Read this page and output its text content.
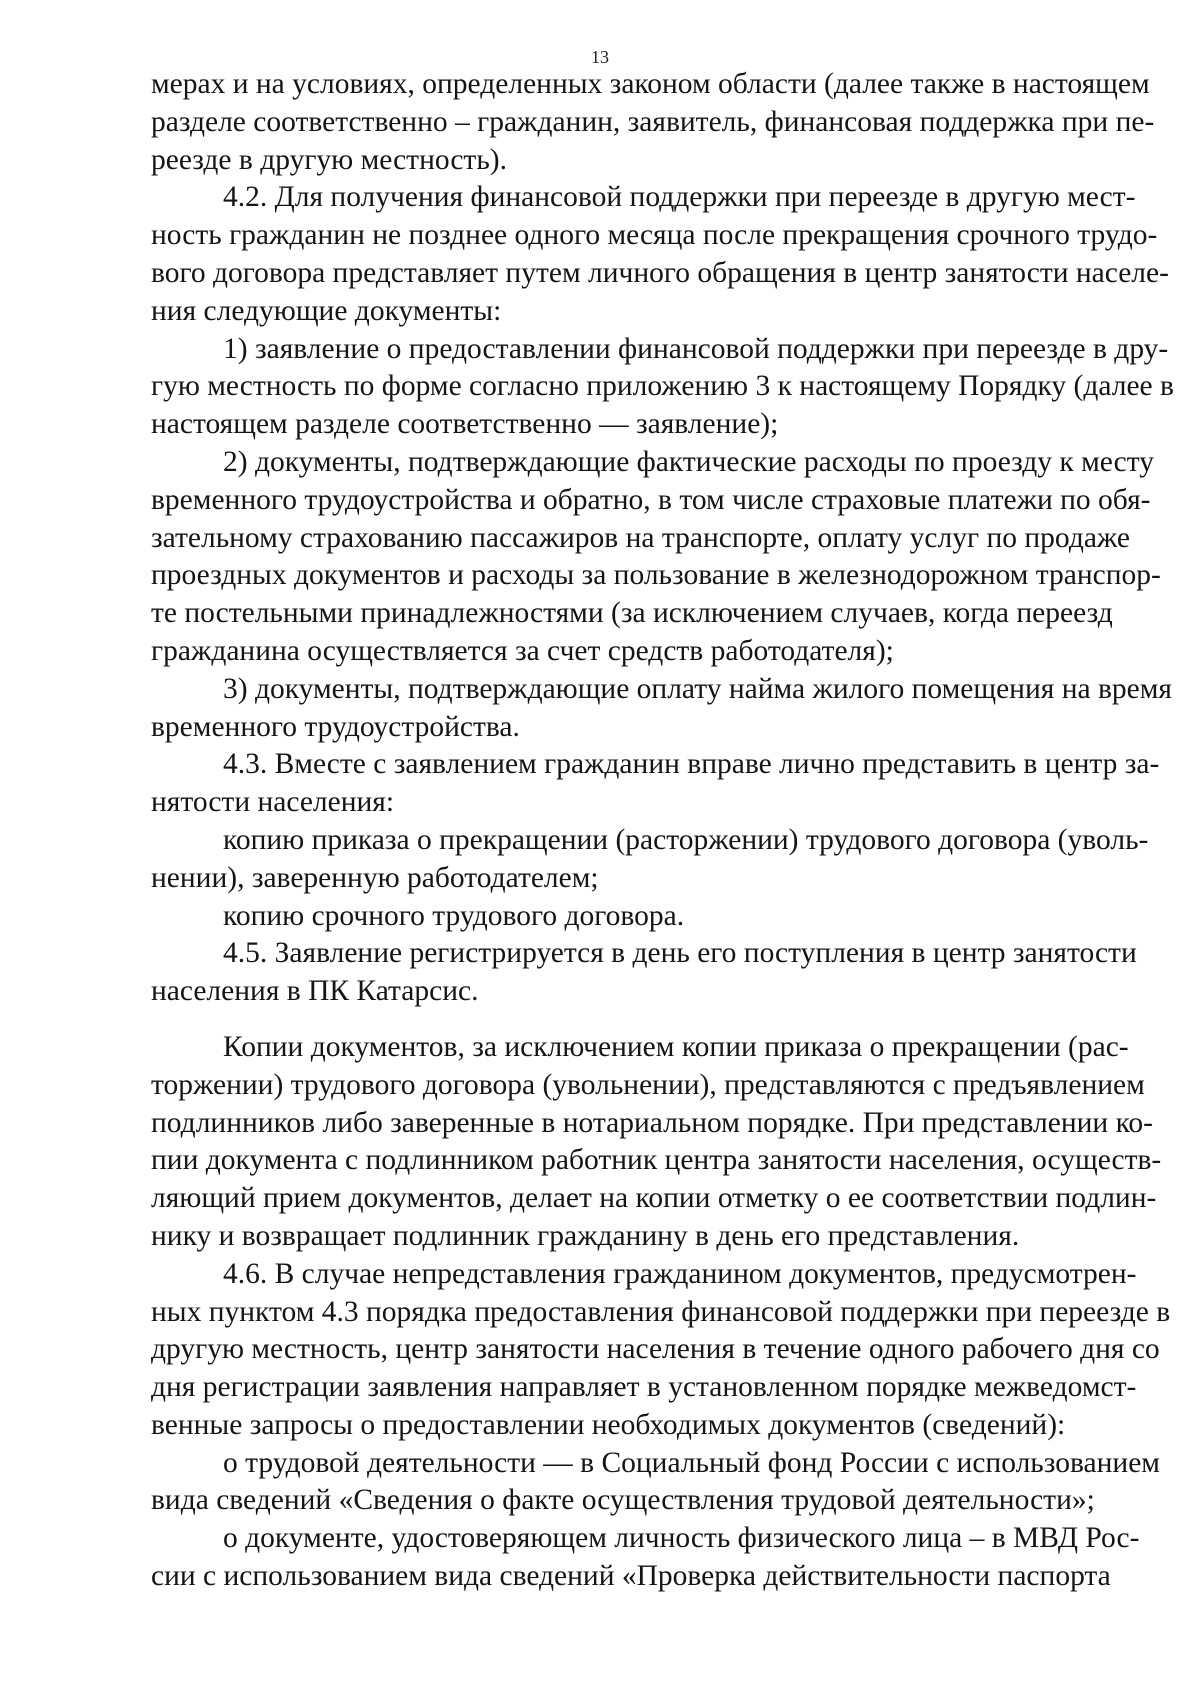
13
мерах и на условиях, определенных законом области (далее также в настоящем
разделе соответственно – гражданин, заявитель, финансовая поддержка при пе-
реезде в другую местность).
4.2. Для получения финансовой поддержки при переезде в другую мест-
ность гражданин не позднее одного месяца после прекращения срочного трудо-
вого договора представляет путем личного обращения в центр занятости населе-
ния следующие документы:
1) заявление о предоставлении финансовой поддержки при переезде в дру-
гую местность по форме согласно приложению 3 к настоящему Порядку (далее в
настоящем разделе соответственно — заявление);
2) документы, подтверждающие фактические расходы по проезду к месту
временного трудоустройства и обратно, в том числе страховые платежи по обя-
зательному страхованию пассажиров на транспорте, оплату услуг по продаже
проездных документов и расходы за пользование в железнодорожном транспор-
те постельными принадлежностями (за исключением случаев, когда переезд
гражданина осуществляется за счет средств работодателя);
3) документы, подтверждающие оплату найма жилого помещения на время
временного трудоустройства.
4.3. Вместе с заявлением гражданин вправе лично представить в центр за-
нятости населения:
копию приказа о прекращении (расторжении) трудового договора (уволь-
нении), заверенную работодателем;
копию срочного трудового договора.
4.5. Заявление регистрируется в день его поступления в центр занятости
населения в ПК Катарсис.
Копии документов, за исключением копии приказа о прекращении (рас-
торжении) трудового договора (увольнении), представляются с предъявлением
подлинников либо заверенные в нотариальном порядке. При представлении ко-
пии документа с подлинником работник центра занятости населения, осуществ-
ляющий прием документов, делает на копии отметку о ее соответствии подлин-
нику и возвращает подлинник гражданину в день его представления.
4.6. В случае непредставления гражданином документов, предусмотрен-
ных пунктом 4.3 порядка предоставления финансовой поддержки при переезде в
другую местность, центр занятости населения в течение одного рабочего дня со
дня регистрации заявления направляет в установленном порядке межведомст-
венные запросы о предоставлении необходимых документов (сведений):
о трудовой деятельности — в Социальный фонд России с использованием
вида сведений «Сведения о факте осуществления трудовой деятельности»;
о документе, удостоверяющем личность физического лица – в МВД Рос-
сии с использованием вида сведений «Проверка действительности паспорта
